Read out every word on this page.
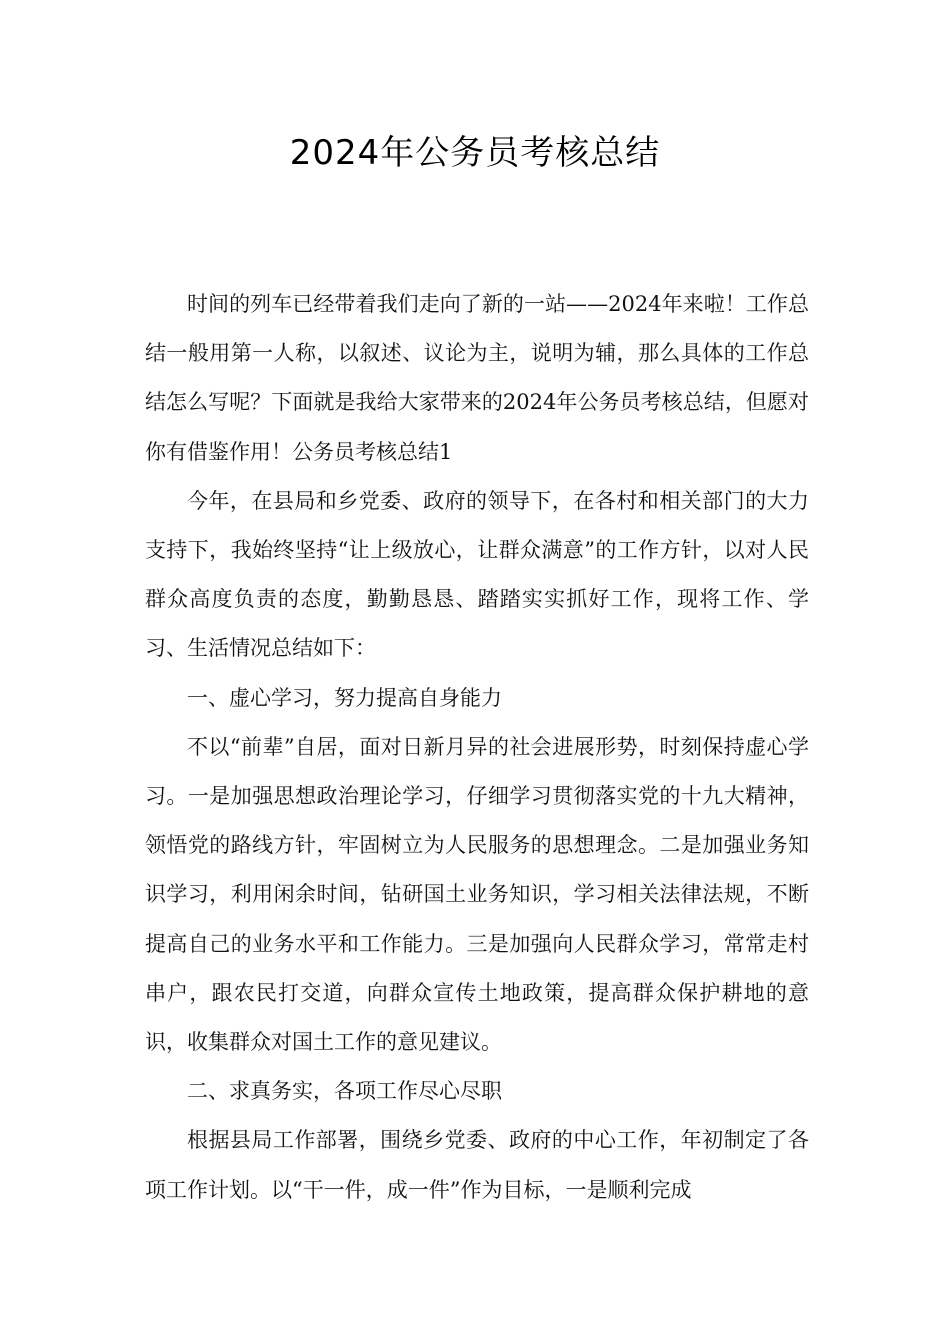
2024年公务员考核总结

时间的列车已经带着我们走向了新的一站——2024年来啦！工作总结一般用第一人称，以叙述、议论为主，说明为辅，那么具体的工作总结怎么写呢？下面就是我给大家带来的2024年公务员考核总结，但愿对你有借鉴作用！公务员考核总结1

今年，在县局和乡党委、政府的领导下，在各村和相关部门的大力支持下，我始终坚持“让上级放心，让群众满意”的工作方针，以对人民群众高度负责的态度，勤勤恳恳、踏踏实实抓好工作，现将工作、学习、生活情况总结如下：

一、虚心学习，努力提高自身能力

不以“前辈”自居，面对日新月异的社会进展形势，时刻保持虚心学习。一是加强思想政治理论学习，仔细学习贯彻落实党的十九大精神，领悟党的路线方针，牢固树立为人民服务的思想理念。二是加强业务知识学习，利用闲余时间，钻研国土业务知识，学习相关法律法规，不断提高自己的业务水平和工作能力。三是加强向人民群众学习，常常走村串户，跟农民打交道，向群众宣传土地政策，提高群众保护耕地的意识，收集群众对国土工作的意见建议。

二、求真务实，各项工作尽心尽职

根据县局工作部署，围绕乡党委、政府的中心工作，年初制定了各项工作计划。以“干一件，成一件”作为目标，一是顺利完成
